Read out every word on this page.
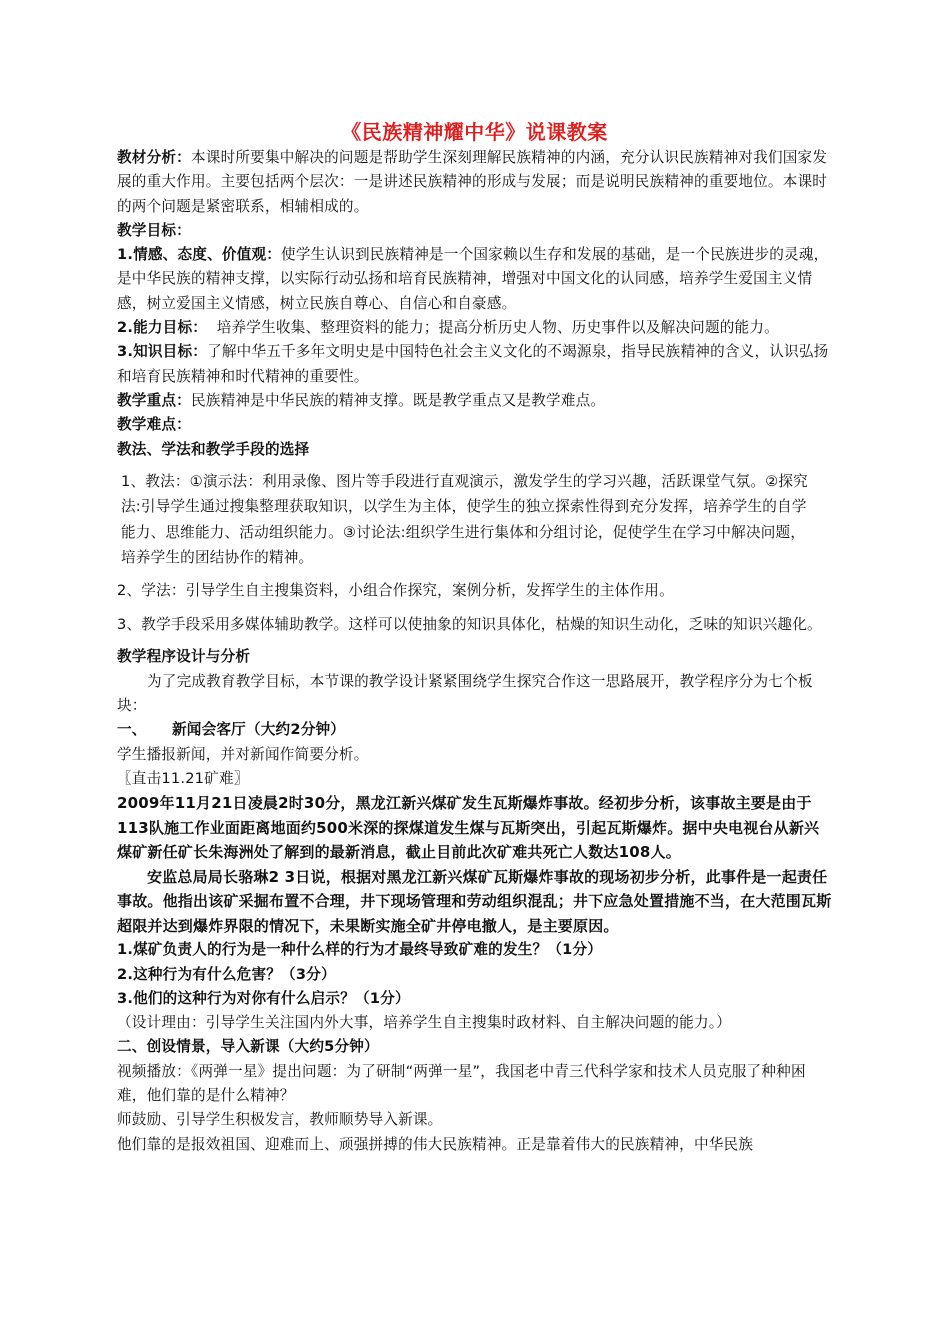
《民族精神耀中华》说课教案

教材分析：本课时所要集中解决的问题是帮助学生深刻理解民族精神的内涵，充分认识民族精神对我们国家发展的重大作用。主要包括两个层次：一是讲述民族精神的形成与发展；而是说明民族精神的重要地位。本课时的两个问题是紧密联系，相辅相成的。

教学目标：

1.情感、态度、价值观：使学生认识到民族精神是一个国家赖以生存和发展的基础，是一个民族进步的灵魂，是中华民族的精神支撑，以实际行动弘扬和培育民族精神，增强对中国文化的认同感，培养学生爱国主义情感，树立爱国主义情感，树立民族自尊心、自信心和自豪感。

2.能力目标：  培养学生收集、整理资料的能力；提高分析历史人物、历史事件以及解决问题的能力。

3.知识目标：了解中华五千多年文明史是中国特色社会主义文化的不竭源泉，指导民族精神的含义，认识弘扬和培育民族精神和时代精神的重要性。

教学重点：民族精神是中华民族的精神支撑。既是教学重点又是教学难点。

教学难点：

教法、学法和教学手段的选择

1、教法：①演示法：利用录像、图片等手段进行直观演示，激发学生的学习兴趣，活跃课堂气氛。②探究法:引导学生通过搜集整理获取知识，以学生为主体，使学生的独立探索性得到充分发挥，培养学生的自学能力、思维能力、活动组织能力。③讨论法:组织学生进行集体和分组讨论，促使学生在学习中解决问题，培养学生的团结协作的精神。

2、学法：引导学生自主搜集资料，小组合作探究，案例分析，发挥学生的主体作用。

3、教学手段采用多媒体辅助教学。这样可以使抽象的知识具体化，枯燥的知识生动化，乏味的知识兴趣化。

教学程序设计与分析

为了完成教育教学目标，本节课的教学设计紧紧围绕学生探究合作这一思路展开，教学程序分为七个板块：

一、	新闻会客厅（大约2分钟）

学生播报新闻，并对新闻作简要分析。

〖直击11.21矿难〗

2009年11月21日凌晨2时30分，黑龙江新兴煤矿发生瓦斯爆炸事故。经初步分析，该事故主要是由于113队施工作业面距离地面约500米深的探煤道发生煤与瓦斯突出，引起瓦斯爆炸。据中央电视台从新兴煤矿新任矿长朱海洲处了解到的最新消息，截止目前此次矿难共死亡人数达108人。

安监总局局长骆琳2 3日说，根据对黑龙江新兴煤矿瓦斯爆炸事故的现场初步分析，此事件是一起责任事故。他指出该矿采掘布置不合理，井下现场管理和劳动组织混乱；井下应急处置措施不当，在大范围瓦斯超限并达到爆炸界限的情况下，未果断实施全矿井停电撤人，是主要原因。

1.煤矿负责人的行为是一种什么样的行为才最终导致矿难的发生？（1分）

2.这种行为有什么危害？（3分）

3.他们的这种行为对你有什么启示？（1分）

（设计理由：引导学生关注国内外大事，培养学生自主搜集时政材料、自主解决问题的能力。）

二、创设情景，导入新课（大约5分钟）

视频播放：《两弹一星》提出问题：为了研制“两弹一星”，我国老中青三代科学家和技术人员克服了种种困难，他们靠的是什么精神？

师鼓励、引导学生积极发言，教师顺势导入新课。

他们靠的是报效祖国、迎难而上、顽强拼搏的伟大民族精神。正是靠着伟大的民族精神，中华民族
